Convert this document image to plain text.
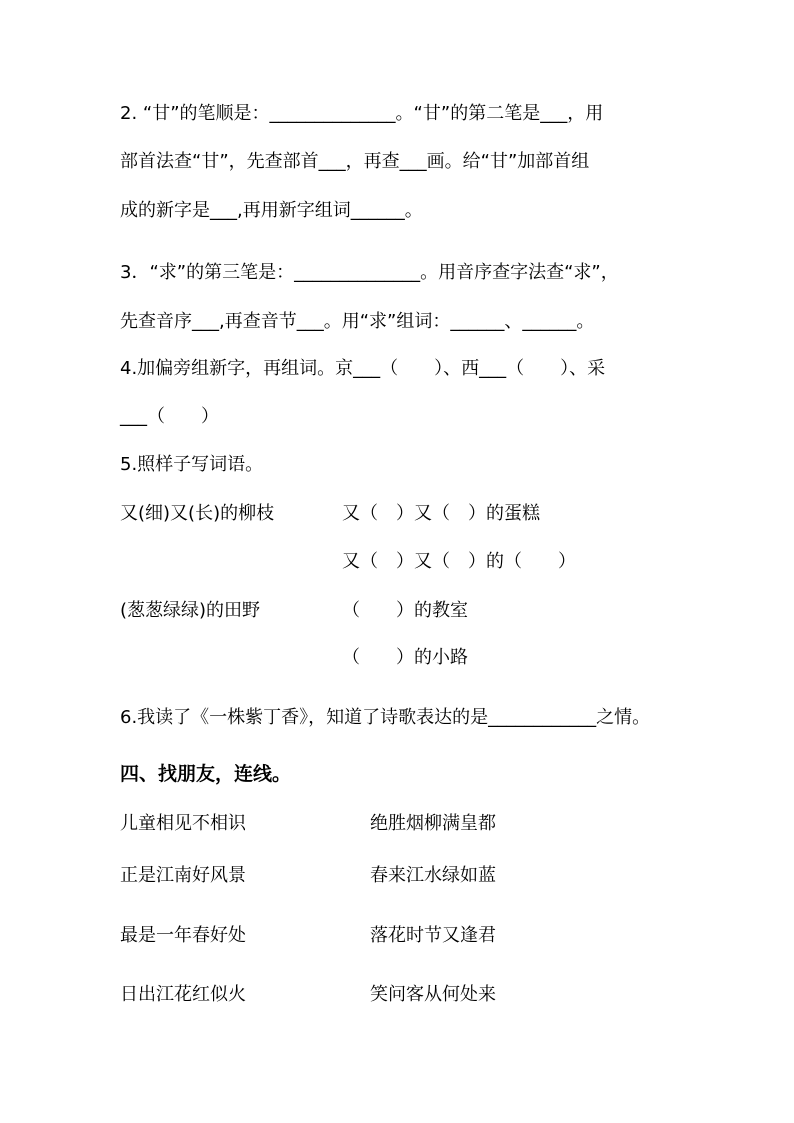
2. “甘”的笔顺是：______________。“甘”的第二笔是___，用

部首法查“甘”，先查部首___，再查___画。给“甘”加部首组

成的新字是___,再用新字组词______。

3．“求”的第三笔是：______________。用音序查字法查“求”，

先查音序___,再查音节___。用“求”组词：______、______。

4.加偏旁组新字，再组词。京___（　　）、西___（　　）、采

___（　　）

5.照样子写词语。

又(细)又(长)的柳枝	又（　）又（　）的蛋糕
又（　）又（　）的（　　）

(葱葱绿绿)的田野	（　　）的教室
（　　）的小路

6.我读了《一株紫丁香》，知道了诗歌表达的是____________之情。

四、找朋友，连线。

儿童相见不相识	绝胜烟柳满皇都

正是江南好风景	春来江水绿如蓝

最是一年春好处	落花时节又逢君

日出江花红似火	笑问客从何处来
